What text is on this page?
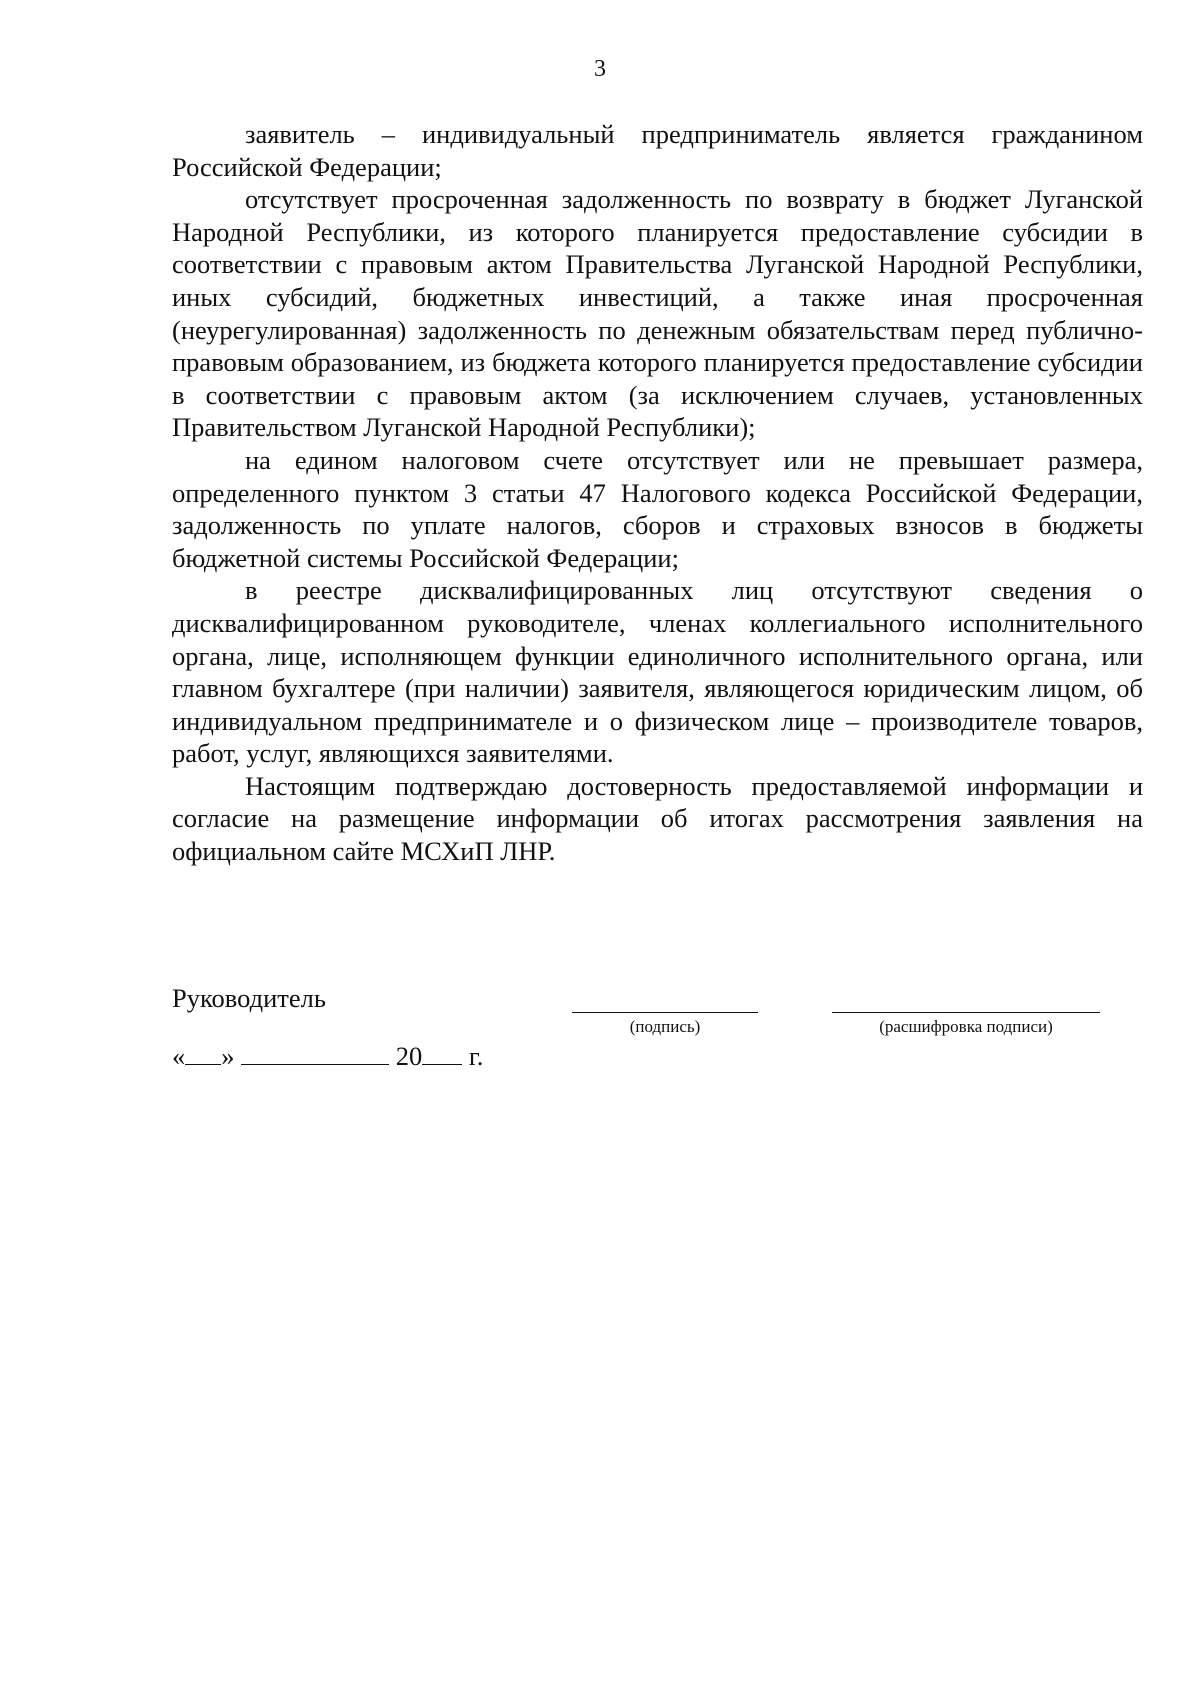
3

заявитель – индивидуальный предприниматель является гражданином Российской Федерации;

отсутствует просроченная задолженность по возврату в бюджет Луганской Народной Республики, из которого планируется предоставление субсидии в соответствии с правовым актом Правительства Луганской Народной Республики, иных субсидий, бюджетных инвестиций, а также иная просроченная (неурегулированная) задолженность по денежным обязательствам перед публично-правовым образованием, из бюджета которого планируется предоставление субсидии в соответствии с правовым актом (за исключением случаев, установленных Правительством Луганской Народной Республики);

на едином налоговом счете отсутствует или не превышает размера, определенного пунктом 3 статьи 47 Налогового кодекса Российской Федерации, задолженность по уплате налогов, сборов и страховых взносов в бюджеты бюджетной системы Российской Федерации;

в реестре дисквалифицированных лиц отсутствуют сведения о дисквалифицированном руководителе, членах коллегиального исполнительного органа, лице, исполняющем функции единоличного исполнительного органа, или главном бухгалтере (при наличии) заявителя, являющегося юридическим лицом, об индивидуальном предпринимателе и о физическом лице – производителе товаров, работ, услуг, являющихся заявителями.

Настоящим подтверждаю достоверность предоставляемой информации и согласие на размещение информации об итогах рассмотрения заявления на официальном сайте МСХиП ЛНР.

Руководитель
(подпись)	(расшифровка подписи)
« »	20 г.
